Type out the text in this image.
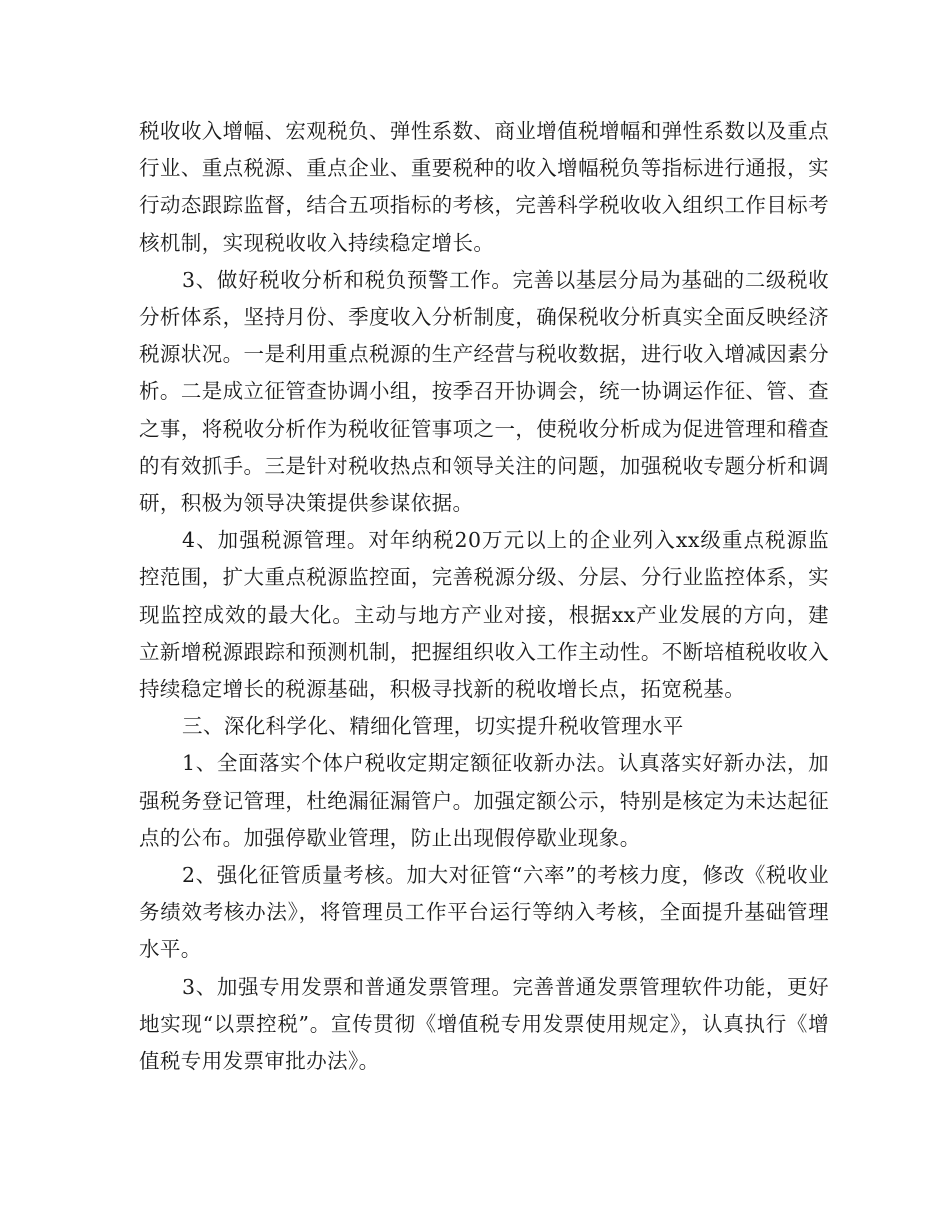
税收收入增幅、宏观税负、弹性系数、商业增值税增幅和弹性系数以及重点行业、重点税源、重点企业、重要税种的收入增幅税负等指标进行通报，实行动态跟踪监督，结合五项指标的考核，完善科学税收收入组织工作目标考核机制，实现税收收入持续稳定增长。

3、做好税收分析和税负预警工作。完善以基层分局为基础的二级税收分析体系，坚持月份、季度收入分析制度，确保税收分析真实全面反映经济税源状况。一是利用重点税源的生产经营与税收数据，进行收入增减因素分析。二是成立征管查协调小组，按季召开协调会，统一协调运作征、管、查之事，将税收分析作为税收征管事项之一，使税收分析成为促进管理和稽查的有效抓手。三是针对税收热点和领导关注的问题，加强税收专题分析和调研，积极为领导决策提供参谋依据。

4、加强税源管理。对年纳税20万元以上的企业列入xx级重点税源监控范围，扩大重点税源监控面，完善税源分级、分层、分行业监控体系，实现监控成效的最大化。主动与地方产业对接，根据xx产业发展的方向，建立新增税源跟踪和预测机制，把握组织收入工作主动性。不断培植税收收入持续稳定增长的税源基础，积极寻找新的税收增长点，拓宽税基。

三、深化科学化、精细化管理，切实提升税收管理水平

1、全面落实个体户税收定期定额征收新办法。认真落实好新办法，加强税务登记管理，杜绝漏征漏管户。加强定额公示，特别是核定为未达起征点的公布。加强停歇业管理，防止出现假停歇业现象。

2、强化征管质量考核。加大对征管“六率”的考核力度，修改《税收业务绩效考核办法》，将管理员工作平台运行等纳入考核，全面提升基础管理水平。

3、加强专用发票和普通发票管理。完善普通发票管理软件功能，更好地实现“以票控税”。宣传贯彻《增值税专用发票使用规定》，认真执行《增值税专用发票审批办法》。
